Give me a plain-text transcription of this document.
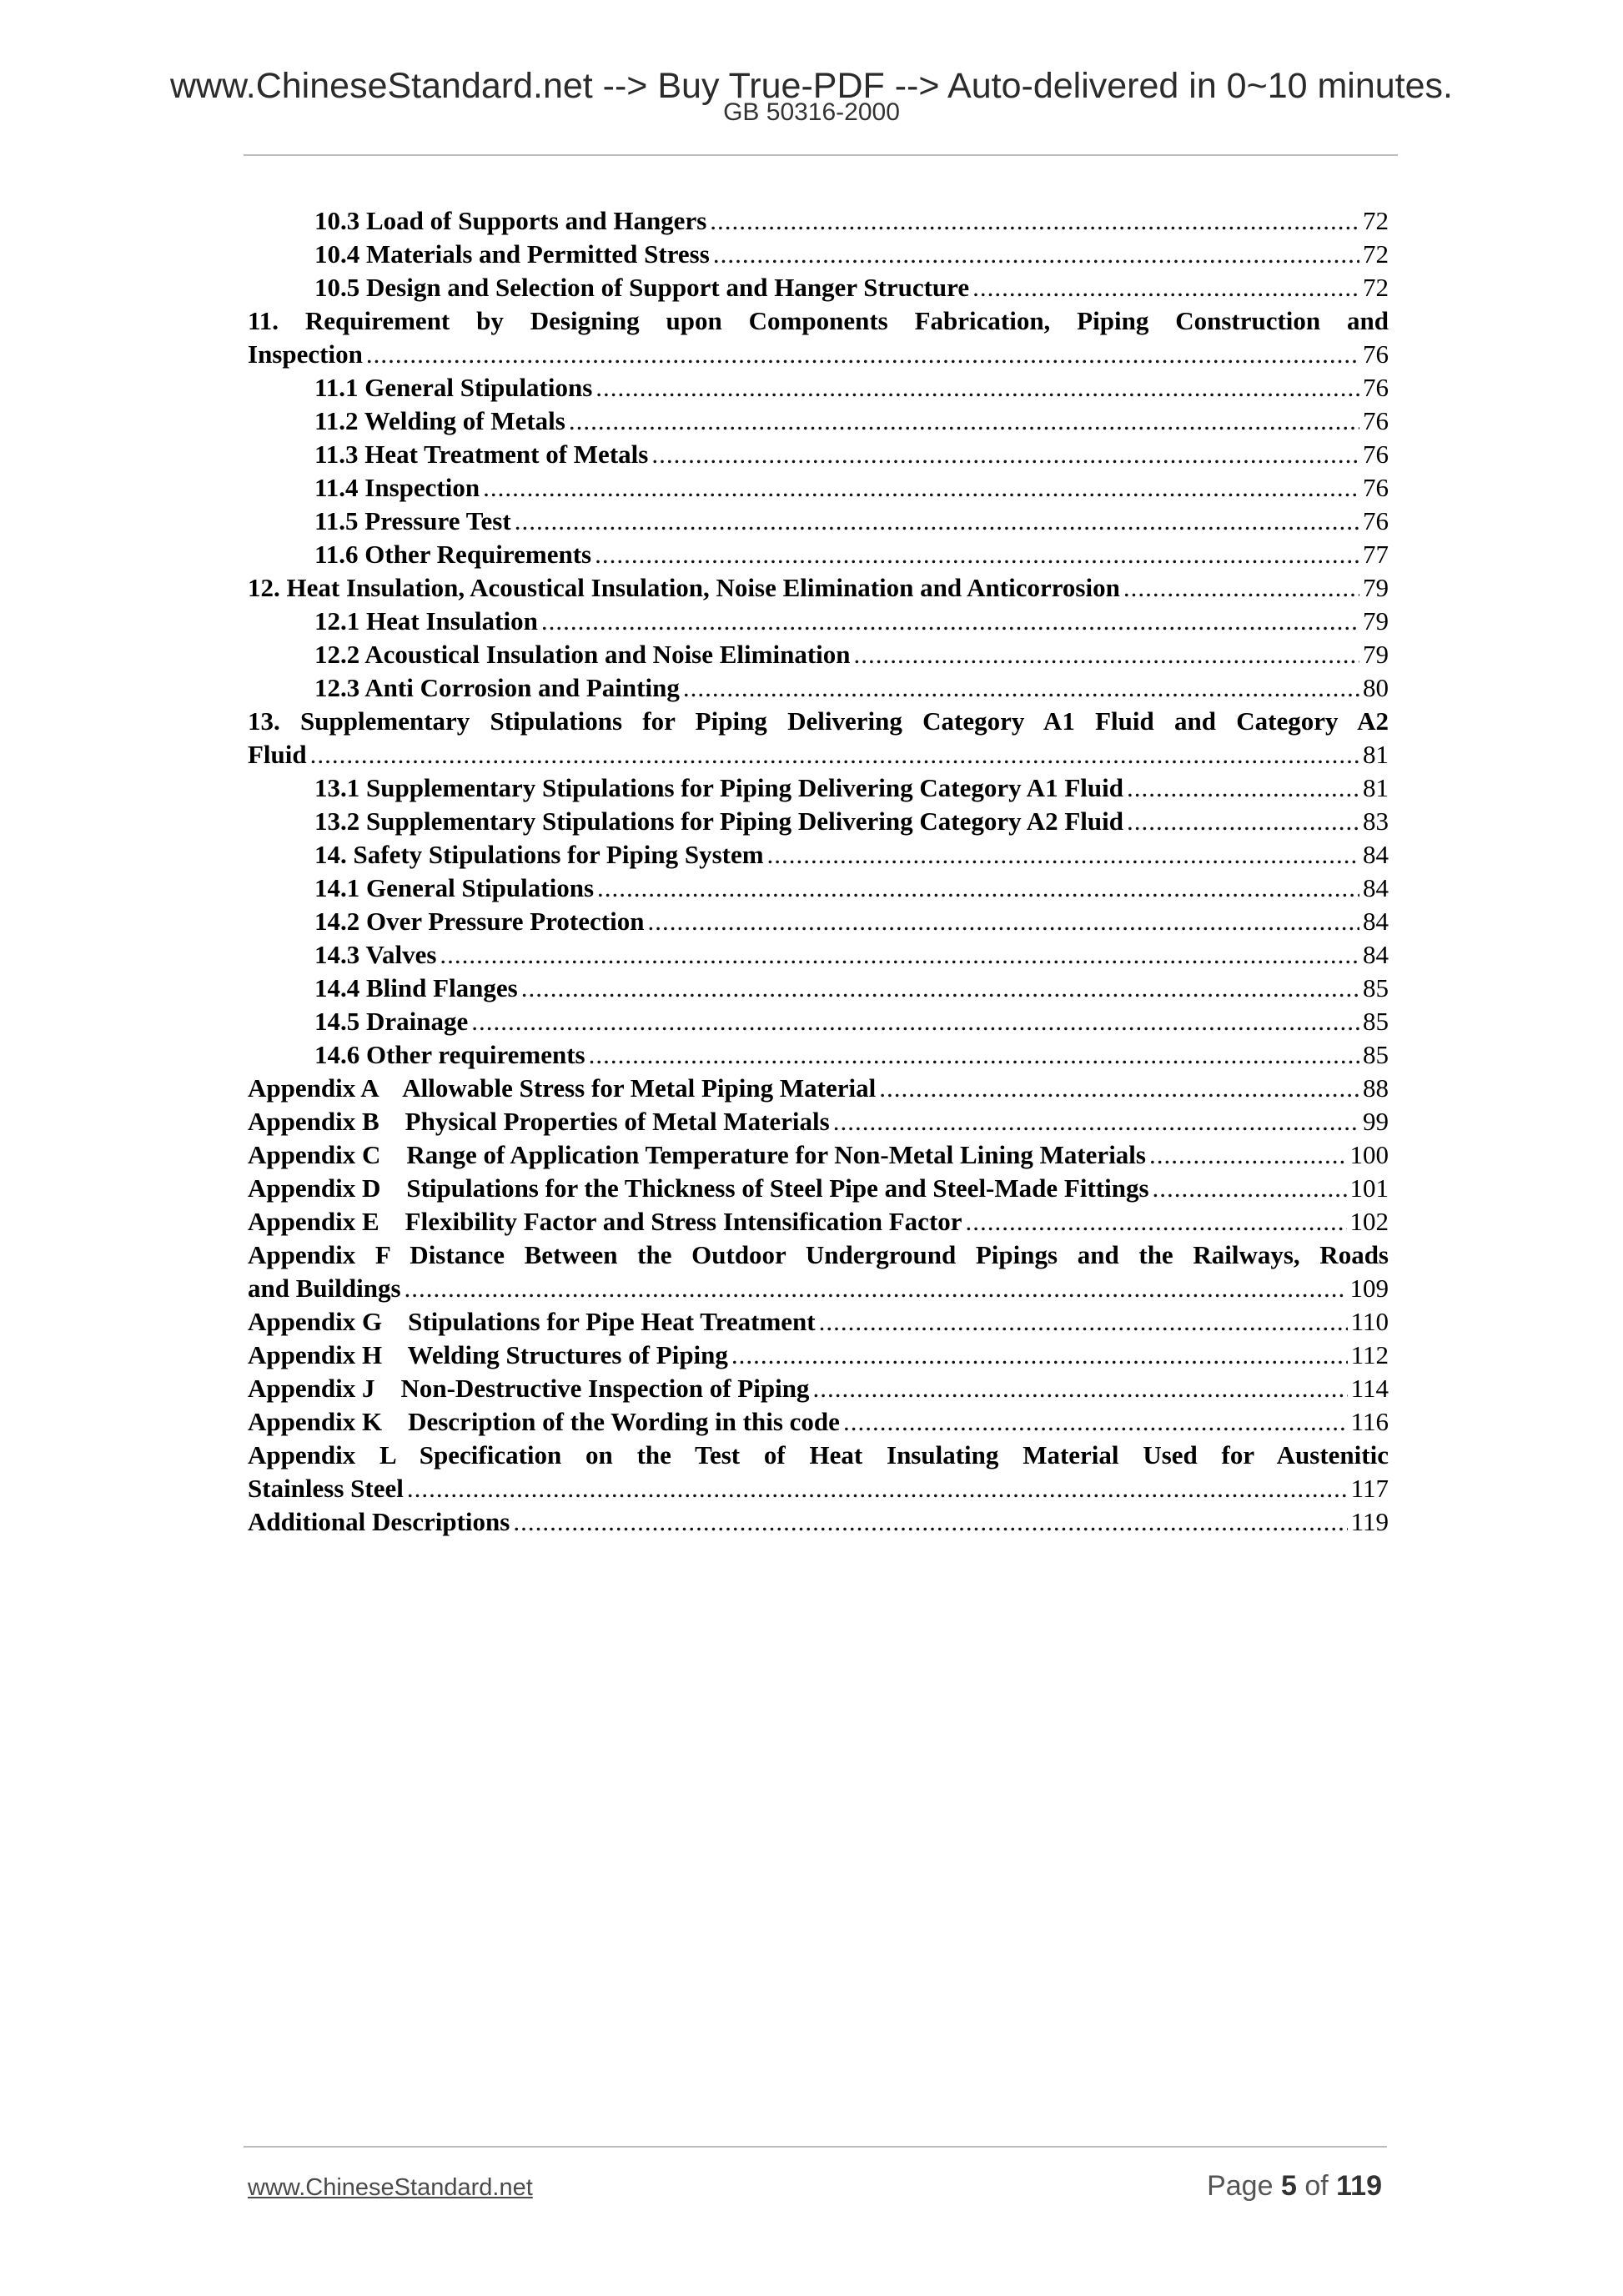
www.ChineseStandard.net --> Buy True-PDF --> Auto-delivered in 0~10 minutes.
GB 50316-2000
10.3 Load of Supports and Hangers .....	72
10.4 Materials and Permitted Stress .....	72
10.5 Design and Selection of Support and Hanger Structure .....	72
11. Requirement by Designing upon Components Fabrication, Piping Construction and
Inspection .....	76
11.1 General Stipulations .....	76
11.2 Welding of Metals .....	76
11.3 Heat Treatment of Metals .....	76
11.4 Inspection .....	76
11.5 Pressure Test .....	76
11.6 Other Requirements .....	77
12. Heat Insulation, Acoustical Insulation, Noise Elimination and Anticorrosion .....	79
12.1 Heat Insulation .....	79
12.2 Acoustical Insulation and Noise Elimination .....	79
12.3 Anti Corrosion and Painting .....	80
13. Supplementary Stipulations for Piping Delivering Category A1 Fluid and Category A2
Fluid .....	81
13.1 Supplementary Stipulations for Piping Delivering Category A1 Fluid .....	81
13.2 Supplementary Stipulations for Piping Delivering Category A2 Fluid .....	83
14. Safety Stipulations for Piping System .....	84
14.1 General Stipulations .....	84
14.2 Over Pressure Protection .....	84
14.3 Valves .....	84
14.4 Blind Flanges .....	85
14.5 Drainage .....	85
14.6 Other requirements .....	85
Appendix A    Allowable Stress for Metal Piping Material .....	88
Appendix B    Physical Properties of Metal Materials .....	99
Appendix C    Range of Application Temperature for Non-Metal Lining Materials .....	100
Appendix D    Stipulations for the Thickness of Steel Pipe and Steel-Made Fittings .....	101
Appendix E    Flexibility Factor and Stress Intensification Factor .....	102
Appendix F Distance Between the Outdoor Underground Pipings and the Railways, Roads
and Buildings .....	109
Appendix G    Stipulations for Pipe Heat Treatment .....	110
Appendix H    Welding Structures of Piping .....	112
Appendix J    Non-Destructive Inspection of Piping .....	114
Appendix K    Description of the Wording in this code .....	116
Appendix L Specification on the Test of Heat Insulating Material Used for Austenitic
Stainless Steel .....	117
Additional Descriptions .....	119
www.ChineseStandard.net	Page 5 of 119
